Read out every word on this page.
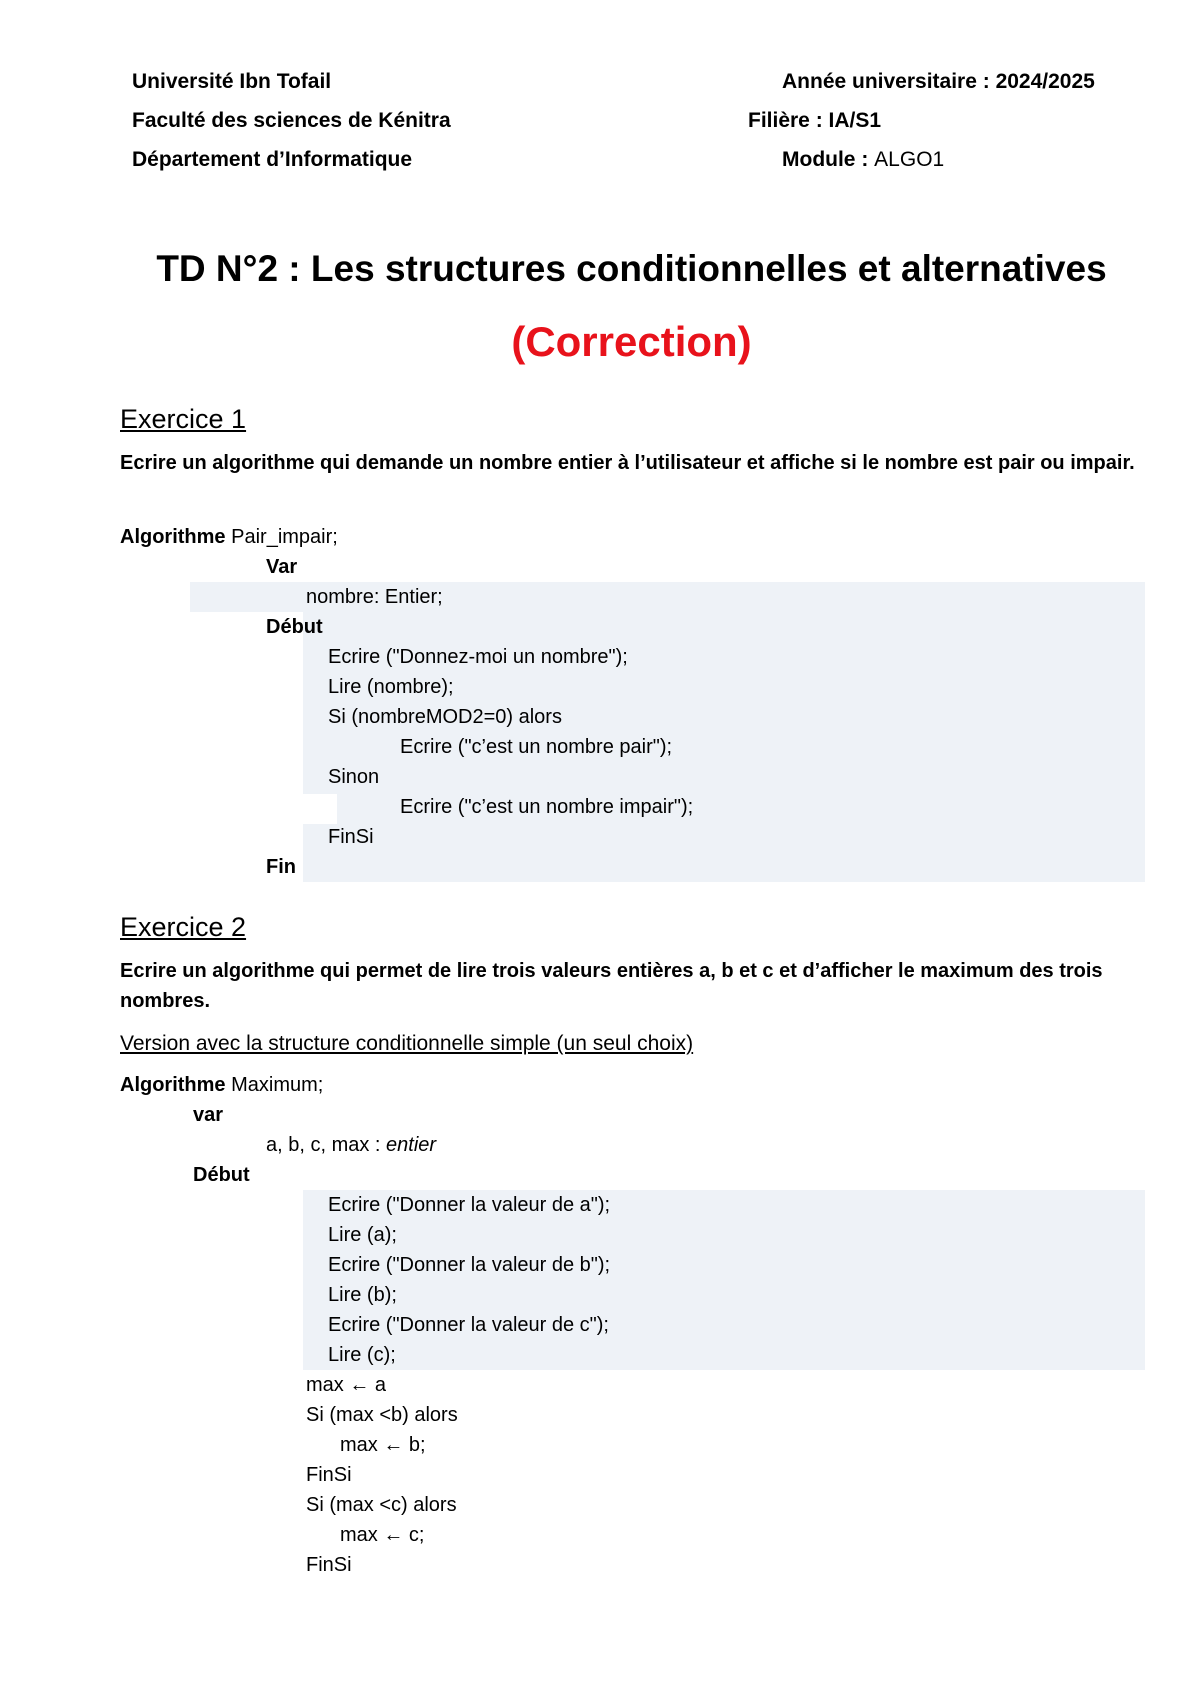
Université Ibn Tofail
Faculté des sciences de Kénitra
Département d’Informatique
Année universitaire : 2024/2025
Filière : IA/S1
Module : ALGO1
TD N°2 : Les structures conditionnelles et alternatives
(Correction)
Exercice 1
Ecrire un algorithme qui demande un nombre entier à l’utilisateur et affiche si le nombre est pair ou impair.
Algorithme Pair_impair;
Var
nombre: Entier;
Début
Ecrire ("Donnez-moi un nombre");
Lire (nombre);
Si (nombreMOD2=0) alors
Ecrire ("c’est un nombre pair");
Sinon
Ecrire ("c’est un nombre impair");
FinSi
Fin
Exercice 2
Ecrire un algorithme qui permet de lire trois valeurs entières a, b et c et d’afficher le maximum des trois nombres.
Version avec la structure conditionnelle simple (un seul choix)
Algorithme Maximum;
var
a, b, c, max : entier
Début
Ecrire ("Donner la valeur de a");
Lire (a);
Ecrire ("Donner la valeur de b");
Lire (b);
Ecrire ("Donner la valeur de c");
Lire (c);
max ← a
Si (max <b) alors
max ← b;
FinSi
Si (max <c) alors
max ← c;
FinSi
